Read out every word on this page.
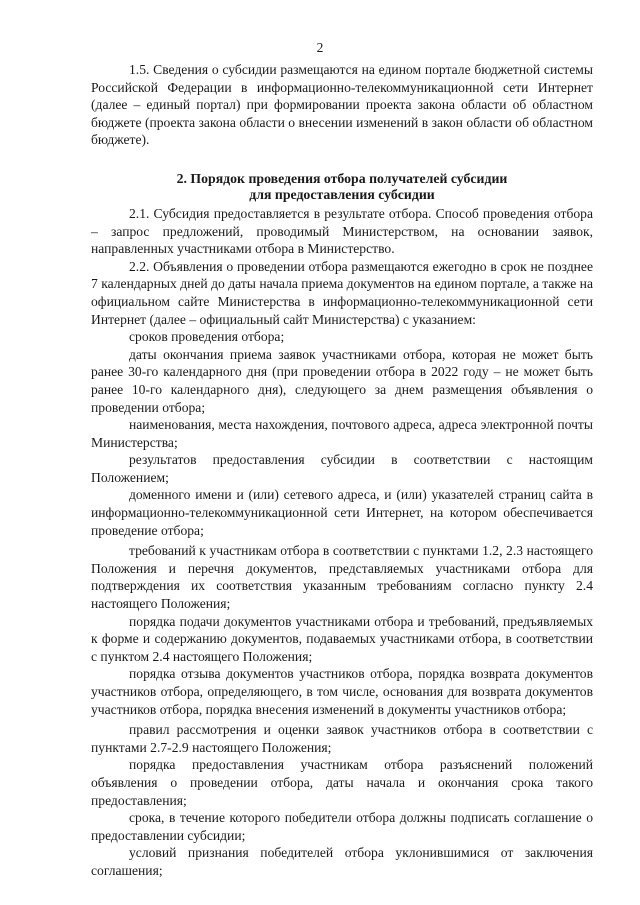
2

1.5. Сведения о субсидии размещаются на едином портале бюджетной системы Российской Федерации в информационно-телекоммуникационной сети Интернет (далее – единый портал) при формировании проекта закона области об областном бюджете (проекта закона области о внесении изменений в закон области об областном бюджете).

2. Порядок проведения отбора получателей субсидии
для предоставления субсидии

2.1. Субсидия предоставляется в результате отбора. Способ проведения отбора – запрос предложений, проводимый Министерством, на основании заявок, направленных участниками отбора в Министерство.

2.2. Объявления о проведении отбора размещаются ежегодно в срок не позднее 7 календарных дней до даты начала приема документов на едином портале, а также на официальном сайте Министерства в информационно-телекоммуникационной сети Интернет (далее – официальный сайт Министерства) с указанием:

сроков проведения отбора;

даты окончания приема заявок участниками отбора, которая не может быть ранее 30-го календарного дня (при проведении отбора в 2022 году – не может быть ранее 10-го календарного дня), следующего за днем размещения объявления о проведении отбора;

наименования, места нахождения, почтового адреса, адреса электронной почты Министерства;

результатов предоставления субсидии в соответствии с настоящим Положением;

доменного имени и (или) сетевого адреса, и (или) указателей страниц сайта в информационно-телекоммуникационной сети Интернет, на котором обеспечивается проведение отбора;

требований к участникам отбора в соответствии с пунктами 1.2, 2.3 настоящего Положения и перечня документов, представляемых участниками отбора для подтверждения их соответствия указанным требованиям согласно пункту 2.4 настоящего Положения;

порядка подачи документов участниками отбора и требований, предъявляемых к форме и содержанию документов, подаваемых участниками отбора, в соответствии с пунктом 2.4 настоящего Положения;

порядка отзыва документов участников отбора, порядка возврата документов участников отбора, определяющего, в том числе, основания для возврата документов участников отбора, порядка внесения изменений в документы участников отбора;

правил рассмотрения и оценки заявок участников отбора в соответствии с пунктами 2.7-2.9 настоящего Положения;

порядка предоставления участникам отбора разъяснений положений объявления о проведении отбора, даты начала и окончания срока такого предоставления;

срока, в течение которого победители отбора должны подписать соглашение о предоставлении субсидии;

условий признания победителей отбора уклонившимися от заключения соглашения;
